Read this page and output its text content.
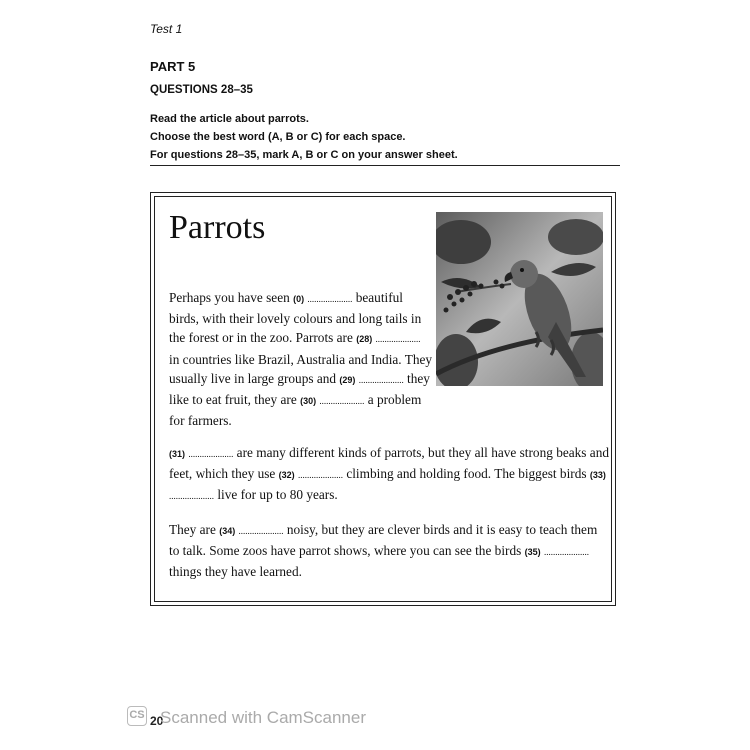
Test 1
PART 5
QUESTIONS 28–35
Read the article about parrots.
Choose the best word (A, B or C) for each space.
For questions 28–35, mark A, B or C on your answer sheet.
Parrots
Perhaps you have seen (0) .................... beautiful birds, with their lovely colours and long tails in the forest or in the zoo. Parrots are (28) .................... in countries like Brazil, Australia and India. They usually live in large groups and (29) .................... they like to eat fruit, they are (30) .................... a problem for farmers.
(31) .................... are many different kinds of parrots, but they all have strong beaks and feet, which they use (32) .................... climbing and holding food. The biggest birds (33) .................... live for up to 80 years.
They are (34) .................... noisy, but they are clever birds and it is easy to teach them to talk. Some zoos have parrot shows, where you can see the birds (35) .................... things they have learned.
CS 20
Scanned with CamScanner
